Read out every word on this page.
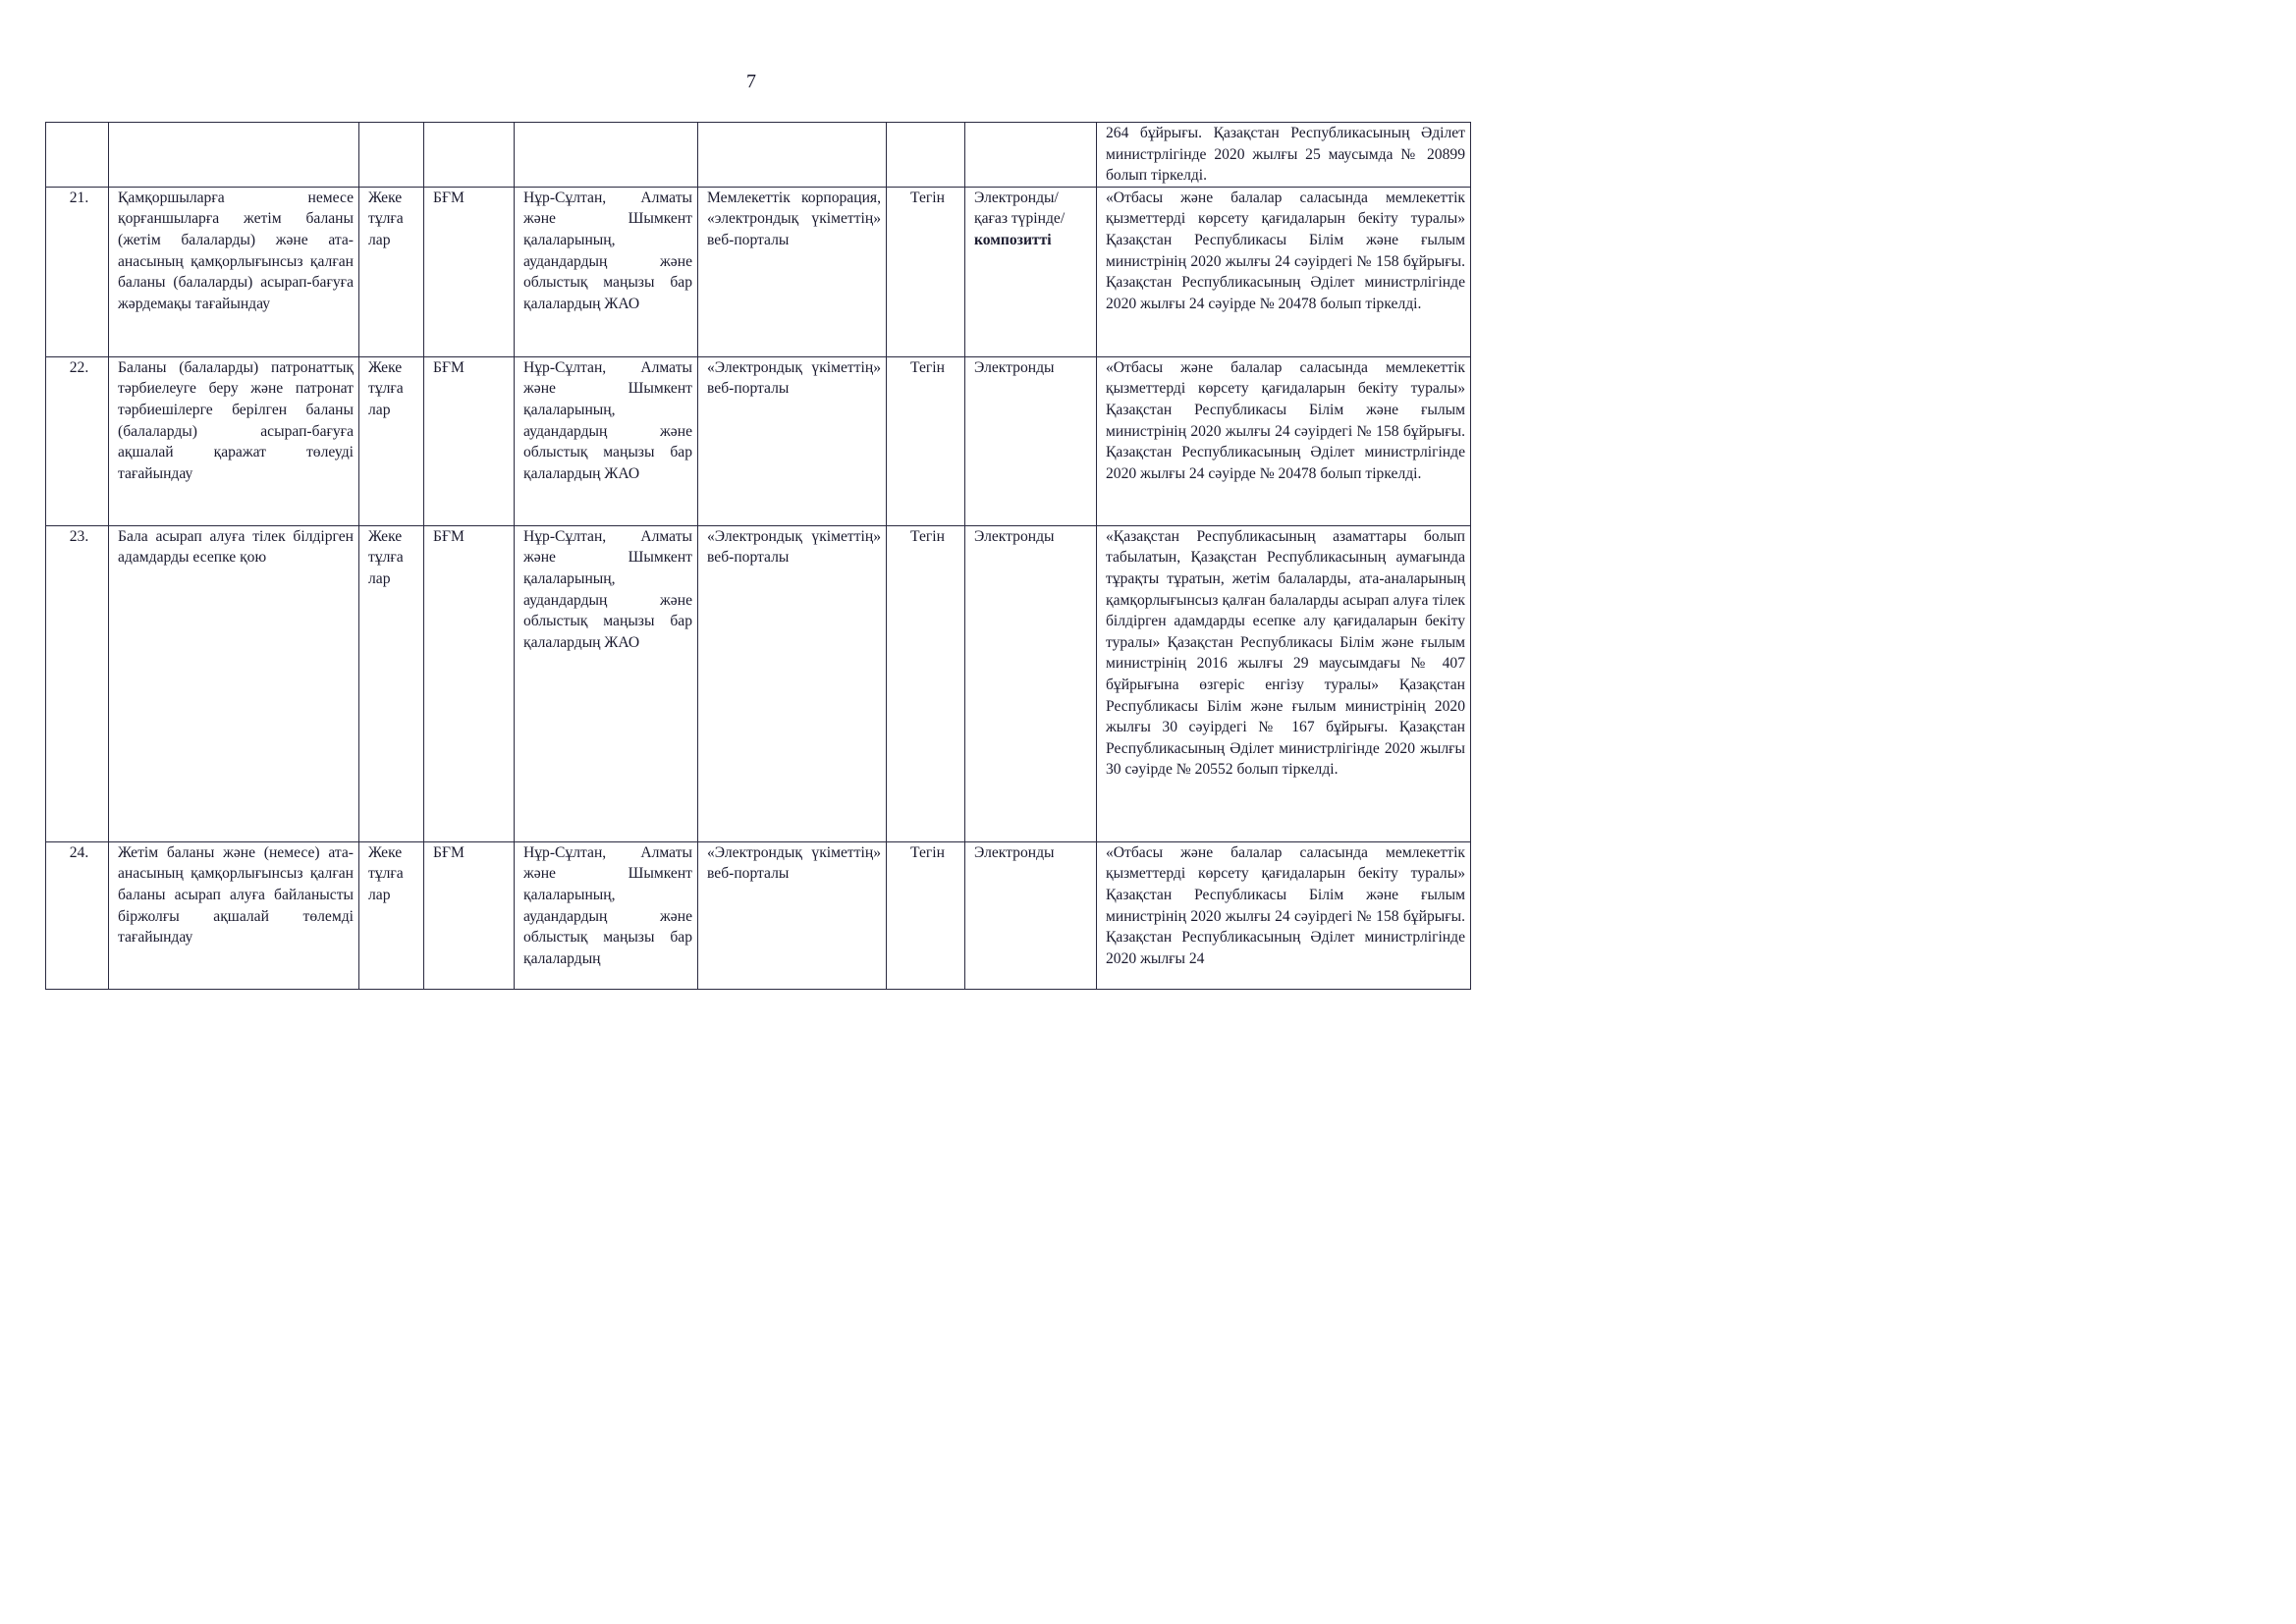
7
								264 бұйрығы. Қазақстан Республикасының Әділет министрлігінде 2020 жылғы 25 маусымда № 20899 болып тіркелді.
21.	Қамқоршыларға немесе қорғаншыларға жетім баланы (жетім балаларды) және ата-анасының қамқорлығынсыз қалған баланы (балаларды) асырап-бағуға жәрдемақы тағайындау	Жеке тұлға лар	БҒМ	Нұр-Сұлтан, Алматы және Шымкент қалаларының, аудандардың және облыстық маңызы бар қалалардың ЖАО	Мемлекеттік корпорация, «электрондық үкіметтің» веб-порталы	Тегін	Электронды/ қағаз түрінде/композитті	«Отбасы және балалар саласында мемлекеттік қызметтерді көрсету қағидаларын бекіту туралы» Қазақстан Республикасы Білім және ғылым министрінің 2020 жылғы 24 сәуірдегі № 158 бұйрығы. Қазақстан Республикасының Әділет министрлігінде 2020 жылғы 24 сәуірде № 20478 болып тіркелді.
22.	Баланы (балаларды) патронаттық тәрбиелеуге беру және патронат тәрбиешілерге берілген баланы (балаларды) асырап-бағуға ақшалай қаражат төлеуді тағайындау	Жеке тұлға лар	БҒМ	Нұр-Сұлтан, Алматы және Шымкент қалаларының, аудандардың және облыстық маңызы бар қалалардың ЖАО	«Электрондық үкіметтің» веб-порталы	Тегін	Электронды	«Отбасы және балалар саласында мемлекеттік қызметтерді көрсету қағидаларын бекіту туралы» Қазақстан Республикасы Білім және ғылым министрінің 2020 жылғы 24 сәуірдегі № 158 бұйрығы. Қазақстан Республикасының Әділет министрлігінде 2020 жылғы 24 сәуірде № 20478 болып тіркелді.
23.	Бала асырап алуға тілек білдірген адамдарды есепке қою	Жеке тұлға лар	БҒМ	Нұр-Сұлтан, Алматы және Шымкент қалаларының, аудандардың және облыстық маңызы бар қалалардың ЖАО	«Электрондық үкіметтің» веб-порталы	Тегін	Электронды	«Қазақстан Республикасының азаматтары болып табылатын, Қазақстан Республикасының аумағында тұрақты тұратын, жетім балаларды, ата-аналарының қамқорлығынсыз қалған балаларды асырап алуға тілек білдірген адамдарды есепке алу қағидаларын бекіту туралы» Қазақстан Республикасы Білім және ғылым министрінің 2016 жылғы 29 маусымдағы № 407 бұйрығына өзгеріс енгізу туралы» Қазақстан Республикасы Білім және ғылым министрінің 2020 жылғы 30 сәуірдегі № 167 бұйрығы. Қазақстан Республикасының Әділет министрлігінде 2020 жылғы 30 сәуірде № 20552 болып тіркелді.
24.	Жетім баланы және (немесе) ата-анасының қамқорлығынсыз қалған баланы асырап алуға байланысты біржолғы ақшалай төлемді тағайындау	Жеке тұлға лар	БҒМ	Нұр-Сұлтан, Алматы және Шымкент қалаларының, аудандардың және облыстық маңызы бар қалалардың	«Электрондық үкіметтің» веб-порталы	Тегін	Электронды	«Отбасы және балалар саласында мемлекеттік қызметтерді көрсету қағидаларын бекіту туралы» Қазақстан Республикасы Білім және ғылым министрінің 2020 жылғы 24 сәуірдегі № 158 бұйрығы. Қазақстан Республикасының Әділет министрлігінде 2020 жылғы 24
